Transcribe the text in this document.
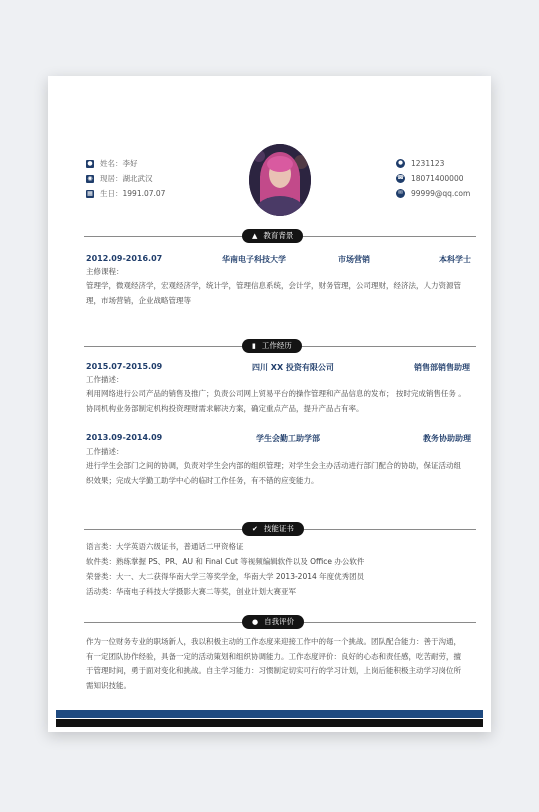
● 姓名： 李好
◉ 现居： 湖北武汉
▦ 生日： 1991.07.07
● 1231123
☎ 18071400000
✉ 99999@qq.com
▲ 教育背景
2012.09-2016.07	华南电子科技大学	市场营销	本科学士
主修课程：
管理学，微观经济学，宏观经济学，统计学，管理信息系统，会计学，财务管理，公司理财，经济法，人力资源管理，市场营销，企业战略管理等
▮ 工作经历
2015.07-2015.09	四川 XX 投资有限公司	销售部销售助理
工作描述：
利用网络进行公司产品的销售及推广；负责公司网上贸易平台的操作管理和产品信息的发布； 按时完成销售任务 。协同机构业务部制定机构投资理财需求解决方案，确定重点产品，提升产品占有率。
2013.09-2014.09	学生会勤工助学部	教务协助助理
工作描述：
进行学生会部门之间的协调，负责对学生会内部的组织管理；对学生会主办活动进行部门配合的协助，保证活动组织效果；完成大学勤工助学中心的临时工作任务，有不错的应变能力。
✔ 技能证书
语言类：大学英语六级证书，普通话二甲资格证
软件类：熟练掌握 PS、PR、AU 和 Final Cut 等视频编辑软件以及 Office 办公软件
荣誉类：大一、大二获得华南大学三等奖学金，华南大学 2013-2014 年度优秀团员
活动类：华南电子科技大学摄影大赛二等奖，创业计划大赛亚军
● 自我评价
作为一位财务专业的职场新人，我以积极主动的工作态度来迎接工作中的每一个挑战。团队配合能力：善于沟通，有一定团队协作经验，具备一定的活动策划和组织协调能力。工作态度评价：良好的心态和责任感，吃苦耐劳，擅于管理时间，勇于面对变化和挑战。自主学习能力：习惯制定切实可行的学习计划，上岗后能积极主动学习岗位所需知识技能。
